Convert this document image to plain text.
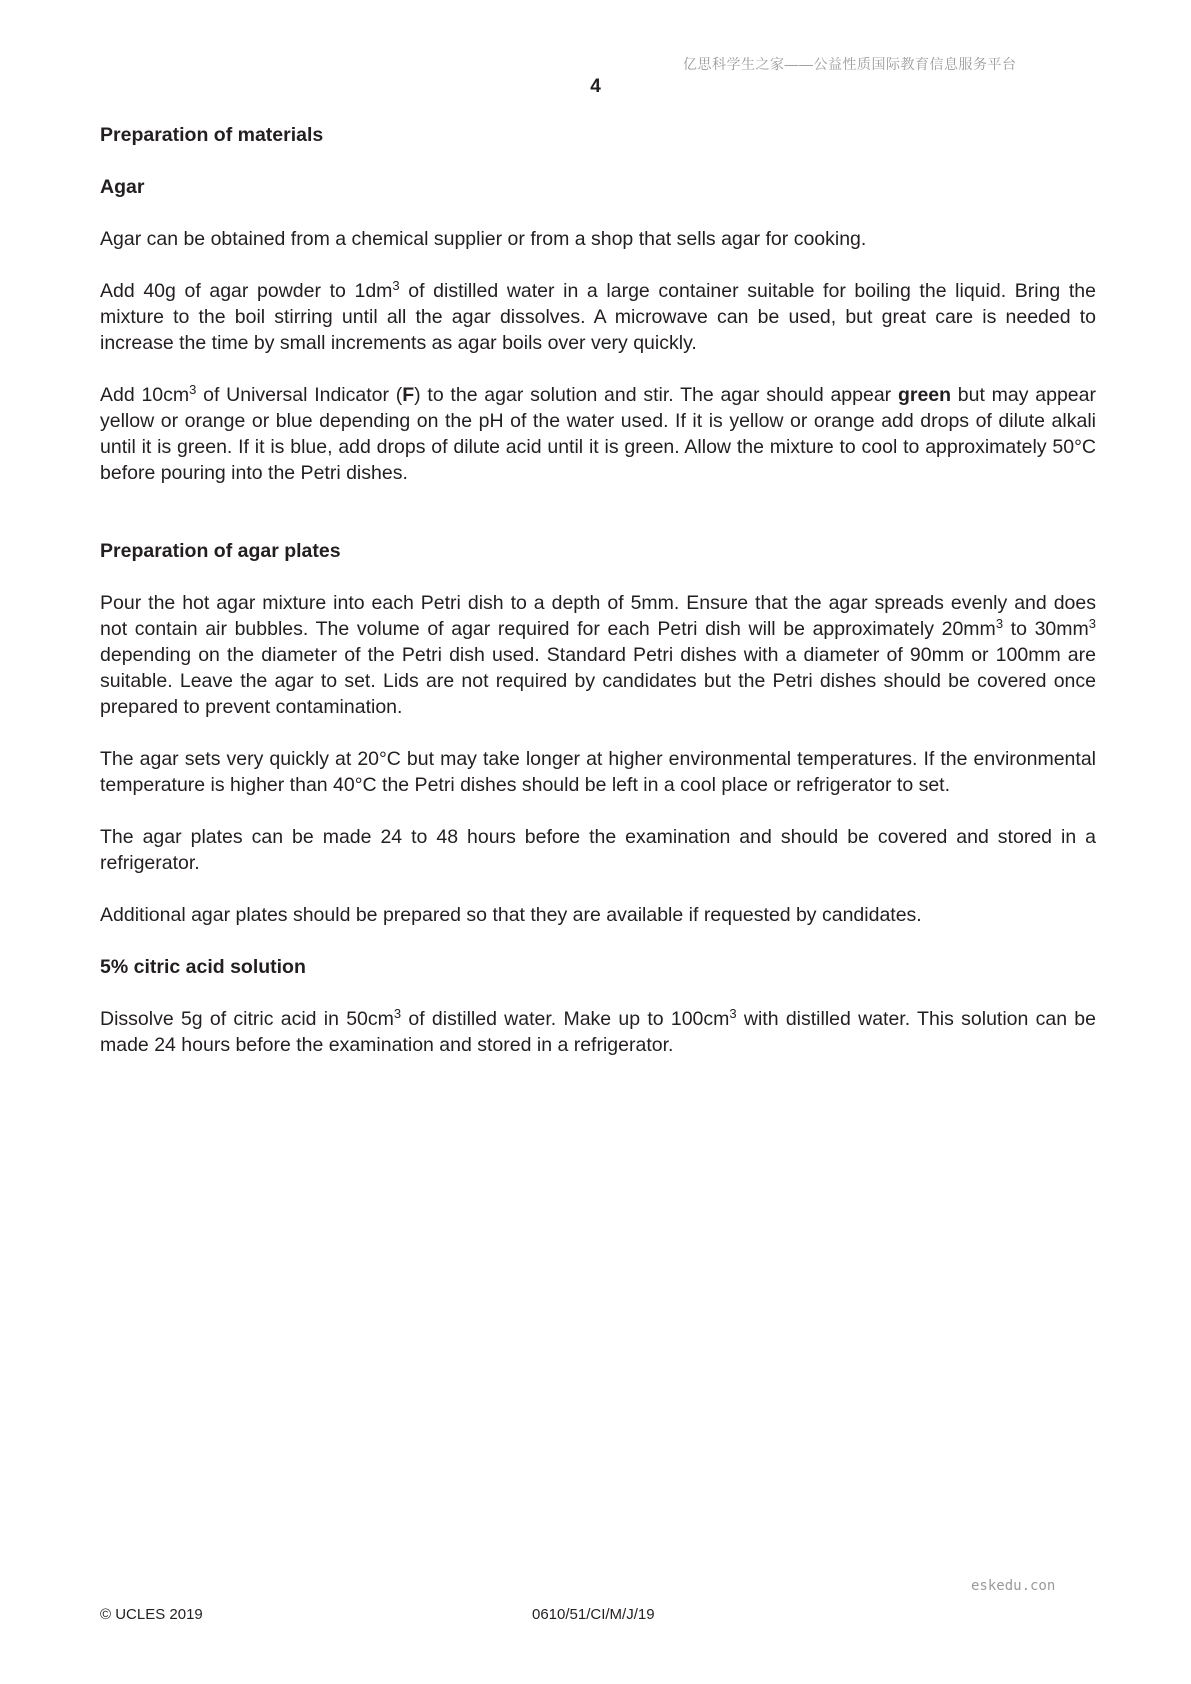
亿思科学生之家——公益性质国际教育信息服务平台
4
Preparation of materials
Agar

Agar can be obtained from a chemical supplier or from a shop that sells agar for cooking.

Add 40g of agar powder to $1dm^3$ of distilled water in a large container suitable for boiling the liquid. Bring the mixture to the boil stirring until all the agar dissolves. A microwave can be used, but great care is needed to increase the time by small increments as agar boils over very quickly.

Add $10cm^3$ of Universal Indicator (F) to the agar solution and stir. The agar should appear green but may appear yellow or orange or blue depending on the pH of the water used. If it is yellow or orange add drops of dilute alkali until it is green. If it is blue, add drops of dilute acid until it is green. Allow the mixture to cool to approximately 50°C before pouring into the Petri dishes.

Preparation of agar plates

Pour the hot agar mixture into each Petri dish to a depth of 5mm. Ensure that the agar spreads evenly and does not contain air bubbles. The volume of agar required for each Petri dish will be approximately $20mm^3$ to $30mm^3$ depending on the diameter of the Petri dish used. Standard Petri dishes with a diameter of 90mm or 100mm are suitable. Leave the agar to set. Lids are not required by candidates but the Petri dishes should be covered once prepared to prevent contamination.

The agar sets very quickly at 20°C but may take longer at higher environmental temperatures. If the environmental temperature is higher than 40°C the Petri dishes should be left in a cool place or refrigerator to set.

The agar plates can be made 24 to 48 hours before the examination and should be covered and stored in a refrigerator.

Additional agar plates should be prepared so that they are available if requested by candidates.

5% citric acid solution

Dissolve 5g of citric acid in $50cm^3$ of distilled water. Make up to $100cm^3$ with distilled water. This solution can be made 24 hours before the examination and stored in a refrigerator.

eskedu.con
© UCLES 2019	0610/51/CI/M/J/19
